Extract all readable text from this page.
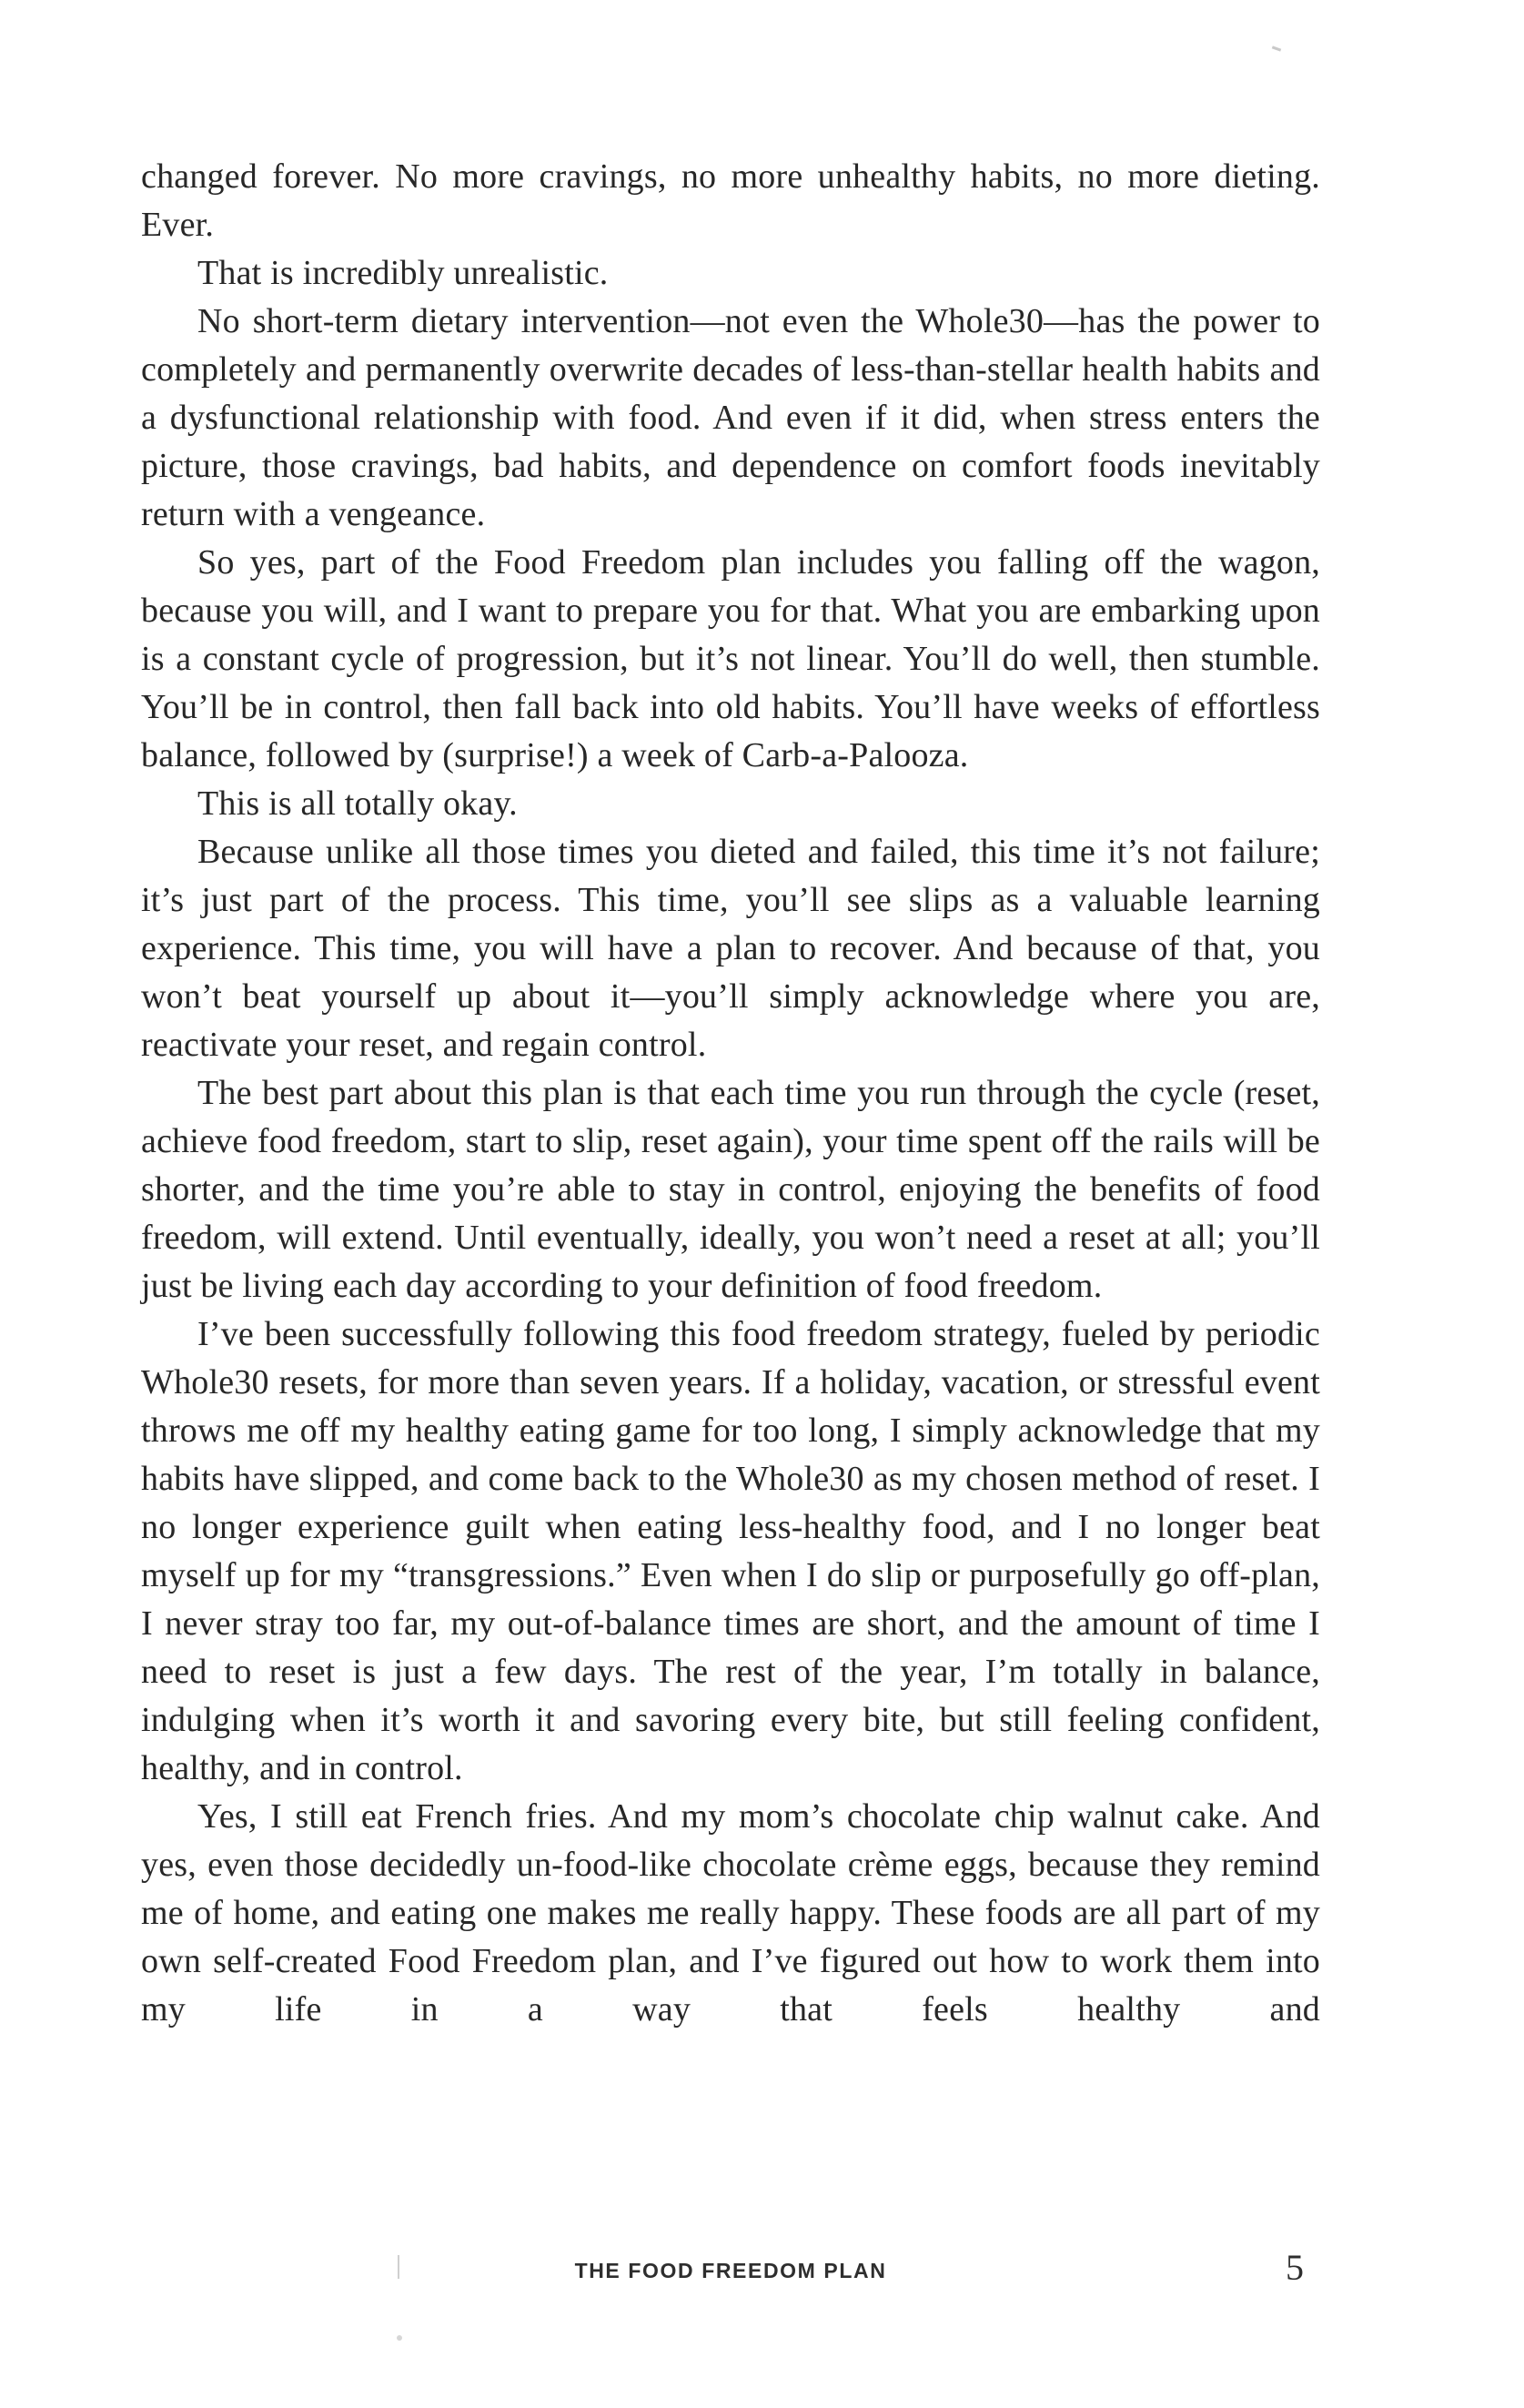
changed forever. No more cravings, no more unhealthy habits, no more dieting. Ever.

That is incredibly unrealistic.

No short-term dietary intervention—not even the Whole30—has the power to completely and permanently overwrite decades of less-than-stellar health habits and a dysfunctional relationship with food. And even if it did, when stress enters the picture, those cravings, bad habits, and dependence on comfort foods inevitably return with a vengeance.

So yes, part of the Food Freedom plan includes you falling off the wagon, because you will, and I want to prepare you for that. What you are embarking upon is a constant cycle of progression, but it’s not linear. You’ll do well, then stumble. You’ll be in control, then fall back into old habits. You’ll have weeks of effortless balance, followed by (surprise!) a week of Carb-a-Palooza.

This is all totally okay.

Because unlike all those times you dieted and failed, this time it’s not failure; it’s just part of the process. This time, you’ll see slips as a valuable learning experience. This time, you will have a plan to recover. And because of that, you won’t beat yourself up about it—you’ll simply acknowledge where you are, reactivate your reset, and regain control.

The best part about this plan is that each time you run through the cycle (reset, achieve food freedom, start to slip, reset again), your time spent off the rails will be shorter, and the time you’re able to stay in control, enjoying the benefits of food freedom, will extend. Until eventually, ideally, you won’t need a reset at all; you’ll just be living each day according to your definition of food freedom.

I’ve been successfully following this food freedom strategy, fueled by periodic Whole30 resets, for more than seven years. If a holiday, vacation, or stressful event throws me off my healthy eating game for too long, I simply acknowledge that my habits have slipped, and come back to the Whole30 as my chosen method of reset. I no longer experience guilt when eating less-healthy food, and I no longer beat myself up for my “transgressions.” Even when I do slip or purposefully go off-plan, I never stray too far, my out-of-balance times are short, and the amount of time I need to reset is just a few days. The rest of the year, I’m totally in balance, indulging when it’s worth it and savoring every bite, but still feeling confident, healthy, and in control.

Yes, I still eat French fries. And my mom’s chocolate chip walnut cake. And yes, even those decidedly un-food-like chocolate crème eggs, because they remind me of home, and eating one makes me really happy. These foods are all part of my own self-created Food Freedom plan, and I’ve figured out how to work them into my life in a way that feels healthy and

THE FOOD FREEDOM PLAN	5
